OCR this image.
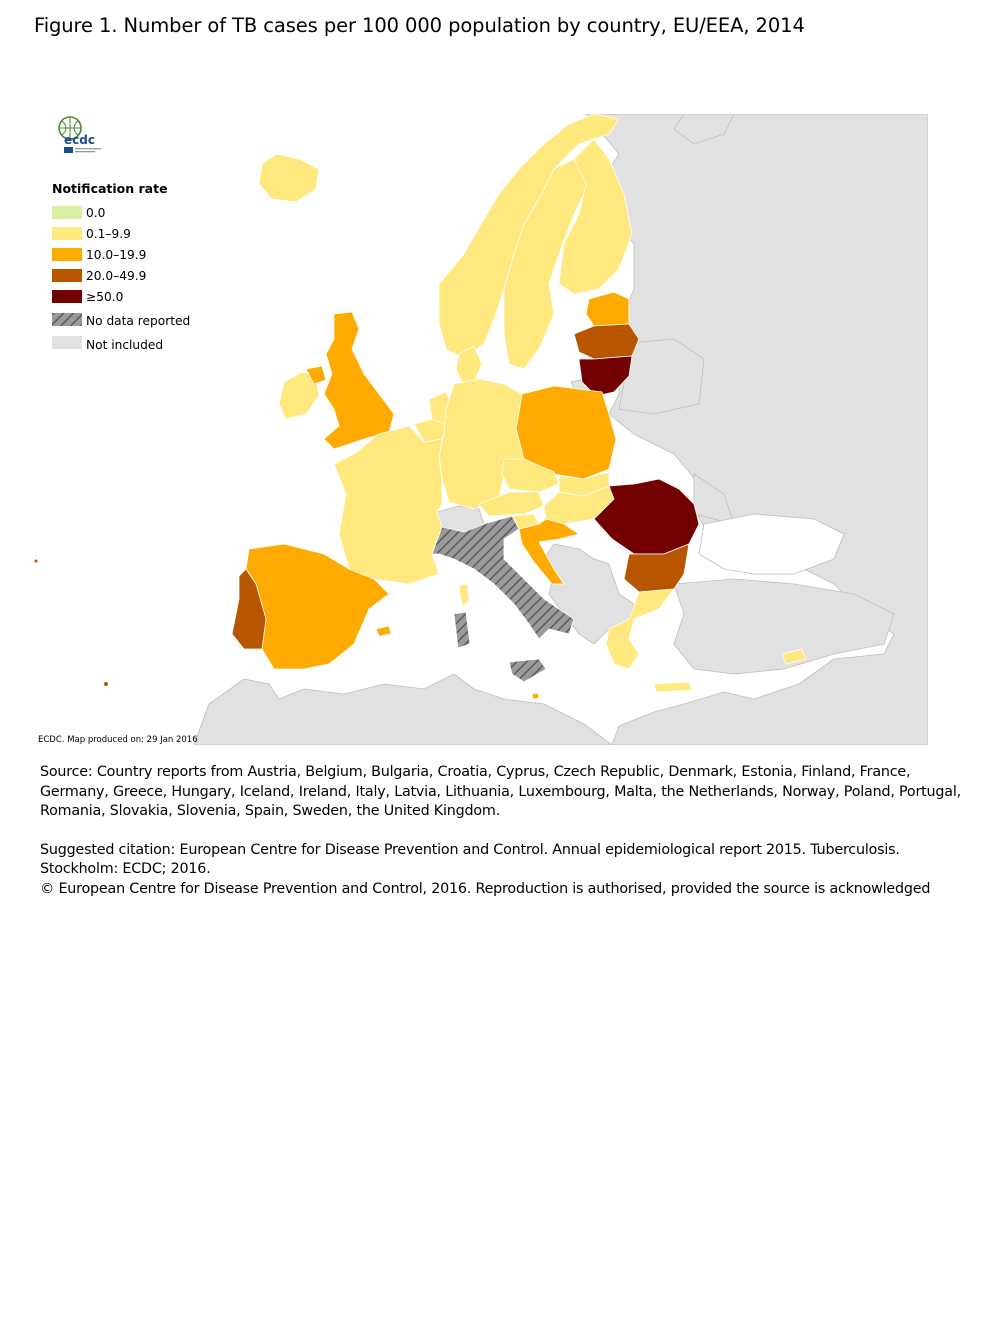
Figure 1. Number of TB cases per 100 000 population by country, EU/EEA, 2014
ecdc
Notification rate
0.0
0.1–9.9
10.0–19.9
20.0–49.9
≥50.0
No data reported
Not included
ECDC. Map produced on: 29 Jan 2016

Source: Country reports from Austria, Belgium, Bulgaria, Croatia, Cyprus, Czech Republic, Denmark, Estonia, Finland, France, Germany, Greece, Hungary, Iceland, Ireland, Italy, Latvia, Lithuania, Luxembourg, Malta, the Netherlands, Norway, Poland, Portugal, Romania, Slovakia, Slovenia, Spain, Sweden, the United Kingdom.

Suggested citation: European Centre for Disease Prevention and Control. Annual epidemiological report 2015. Tuberculosis. Stockholm: ECDC; 2016.

© European Centre for Disease Prevention and Control, 2016. Reproduction is authorised, provided the source is acknowledged
